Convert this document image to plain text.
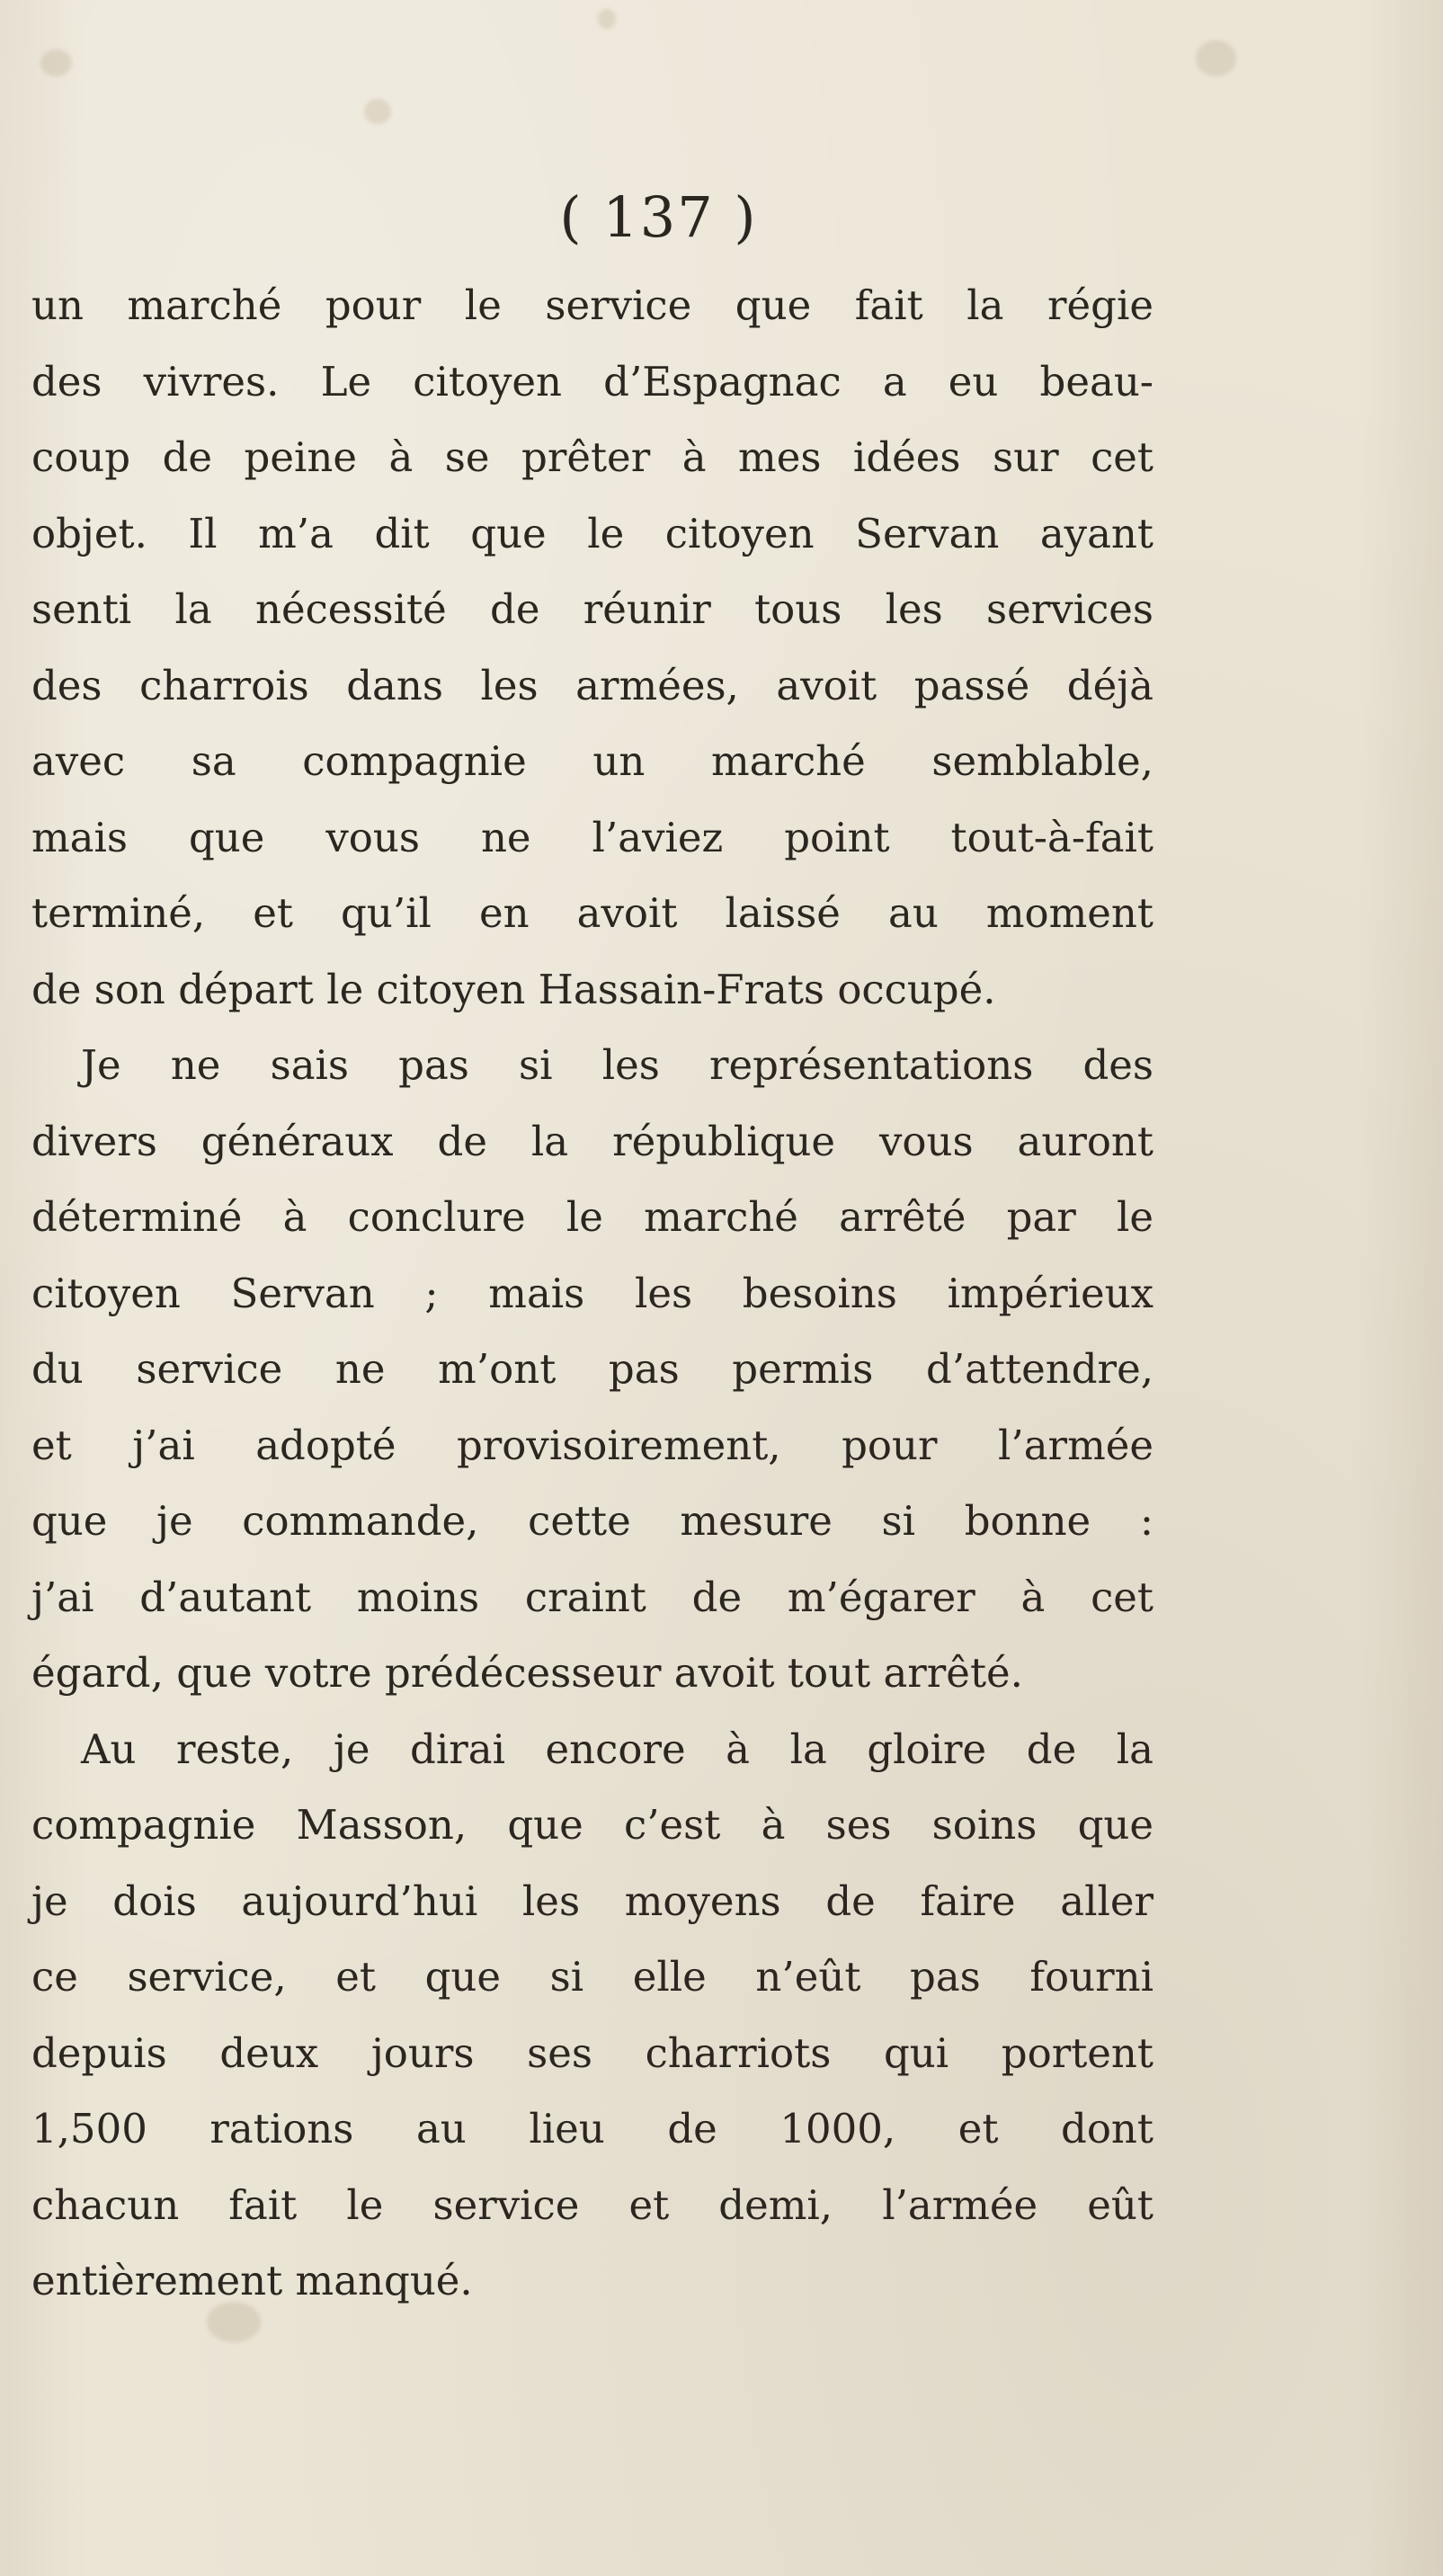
( 137 )
un marché pour le service que fait la régie
des vivres. Le citoyen d’Espagnac a eu beau-
coup de peine à se prêter à mes idées sur cet
objet. Il m’a dit que le citoyen Servan ayant
senti la nécessité de réunir tous les services
des charrois dans les armées, avoit passé déjà
avec sa compagnie un marché semblable,
mais que vous ne l’aviez point tout-à-fait
terminé, et qu’il en avoit laissé au moment
de son départ le citoyen Hassain-Frats occupé.
Je ne sais pas si les représentations des
divers généraux de la république vous auront
déterminé à conclure le marché arrêté par le
citoyen Servan ; mais les besoins impérieux
du service ne m’ont pas permis d’attendre,
et j’ai adopté provisoirement, pour l’armée
que je commande, cette mesure si bonne :
j’ai d’autant moins craint de m’égarer à cet
égard, que votre prédécesseur avoit tout arrêté.
Au reste, je dirai encore à la gloire de la
compagnie Masson, que c’est à ses soins que
je dois aujourd’hui les moyens de faire aller
ce service, et que si elle n’eût pas fourni
depuis deux jours ses charriots qui portent
1,500 rations au lieu de 1000, et dont
chacun fait le service et demi, l’armée eût
entièrement manqué.
